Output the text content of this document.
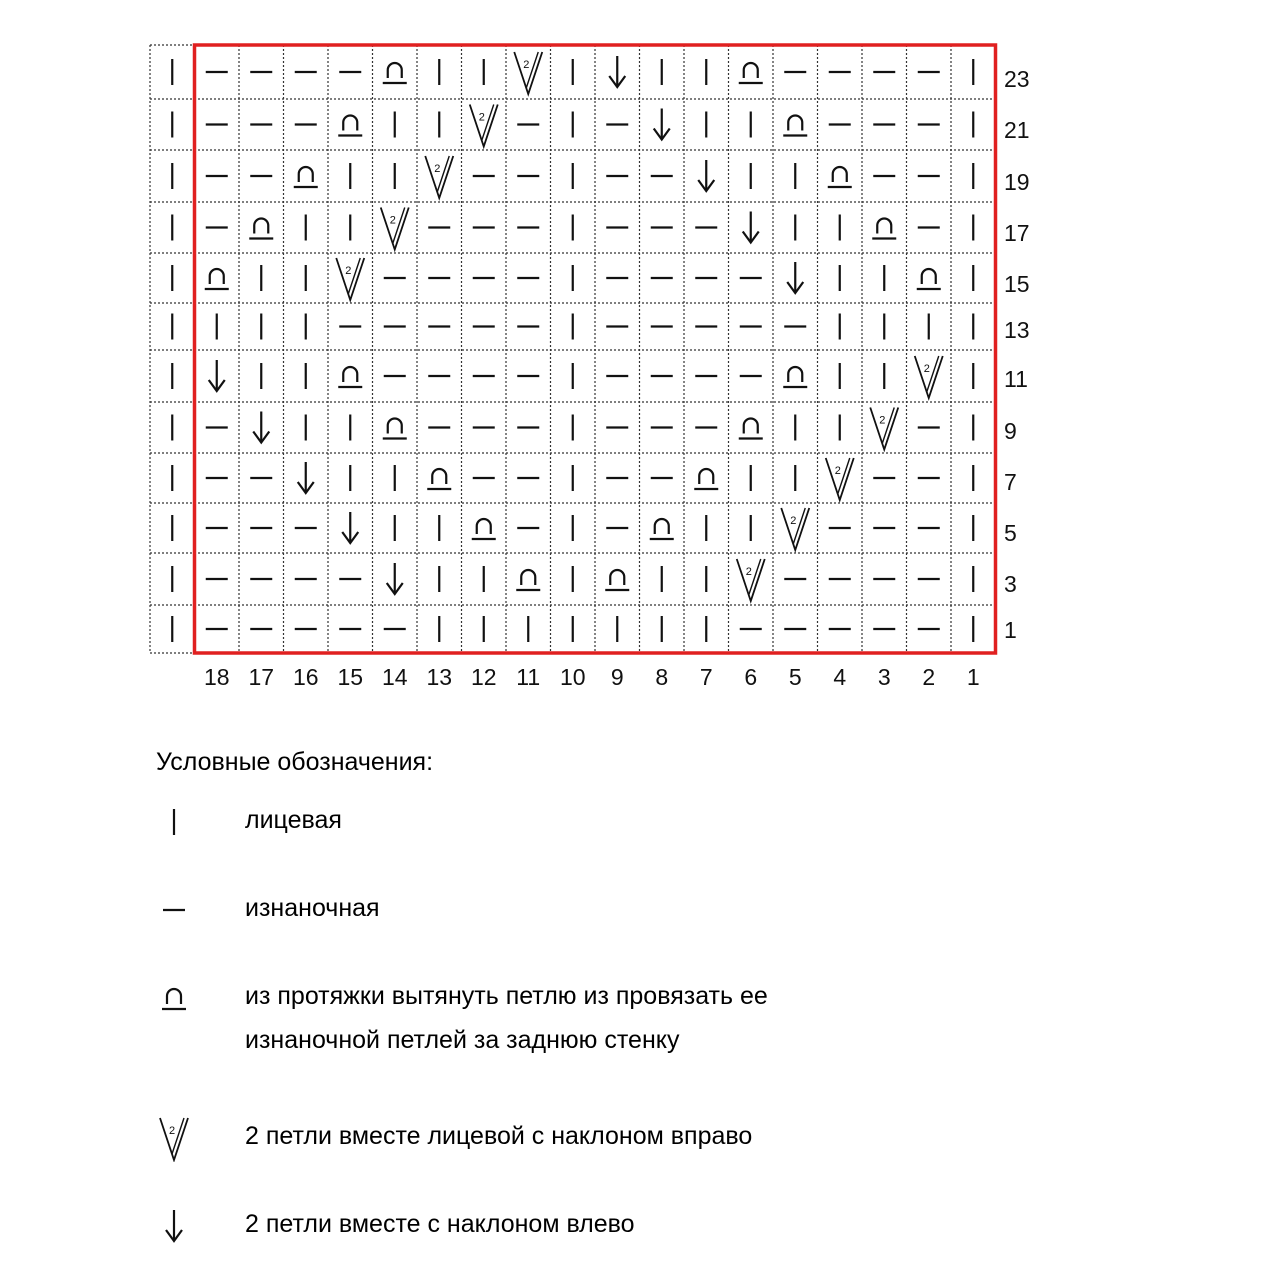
2
2
2
2
2
2
2
2
2
2
23
21
19
17
15
13
11
9
7
5
3
1
18 17 16 15 14 13 12 11 10 9 8 7 6 5 4 3 2 1
Условные обозначения:
лицевая
изнаночная
из протяжки вытянуть петлю из провязать ее
изнаночной петлей за заднюю стенку
2	2 петли вместе лицевой с наклоном вправо
2 петли вместе с наклоном влево
